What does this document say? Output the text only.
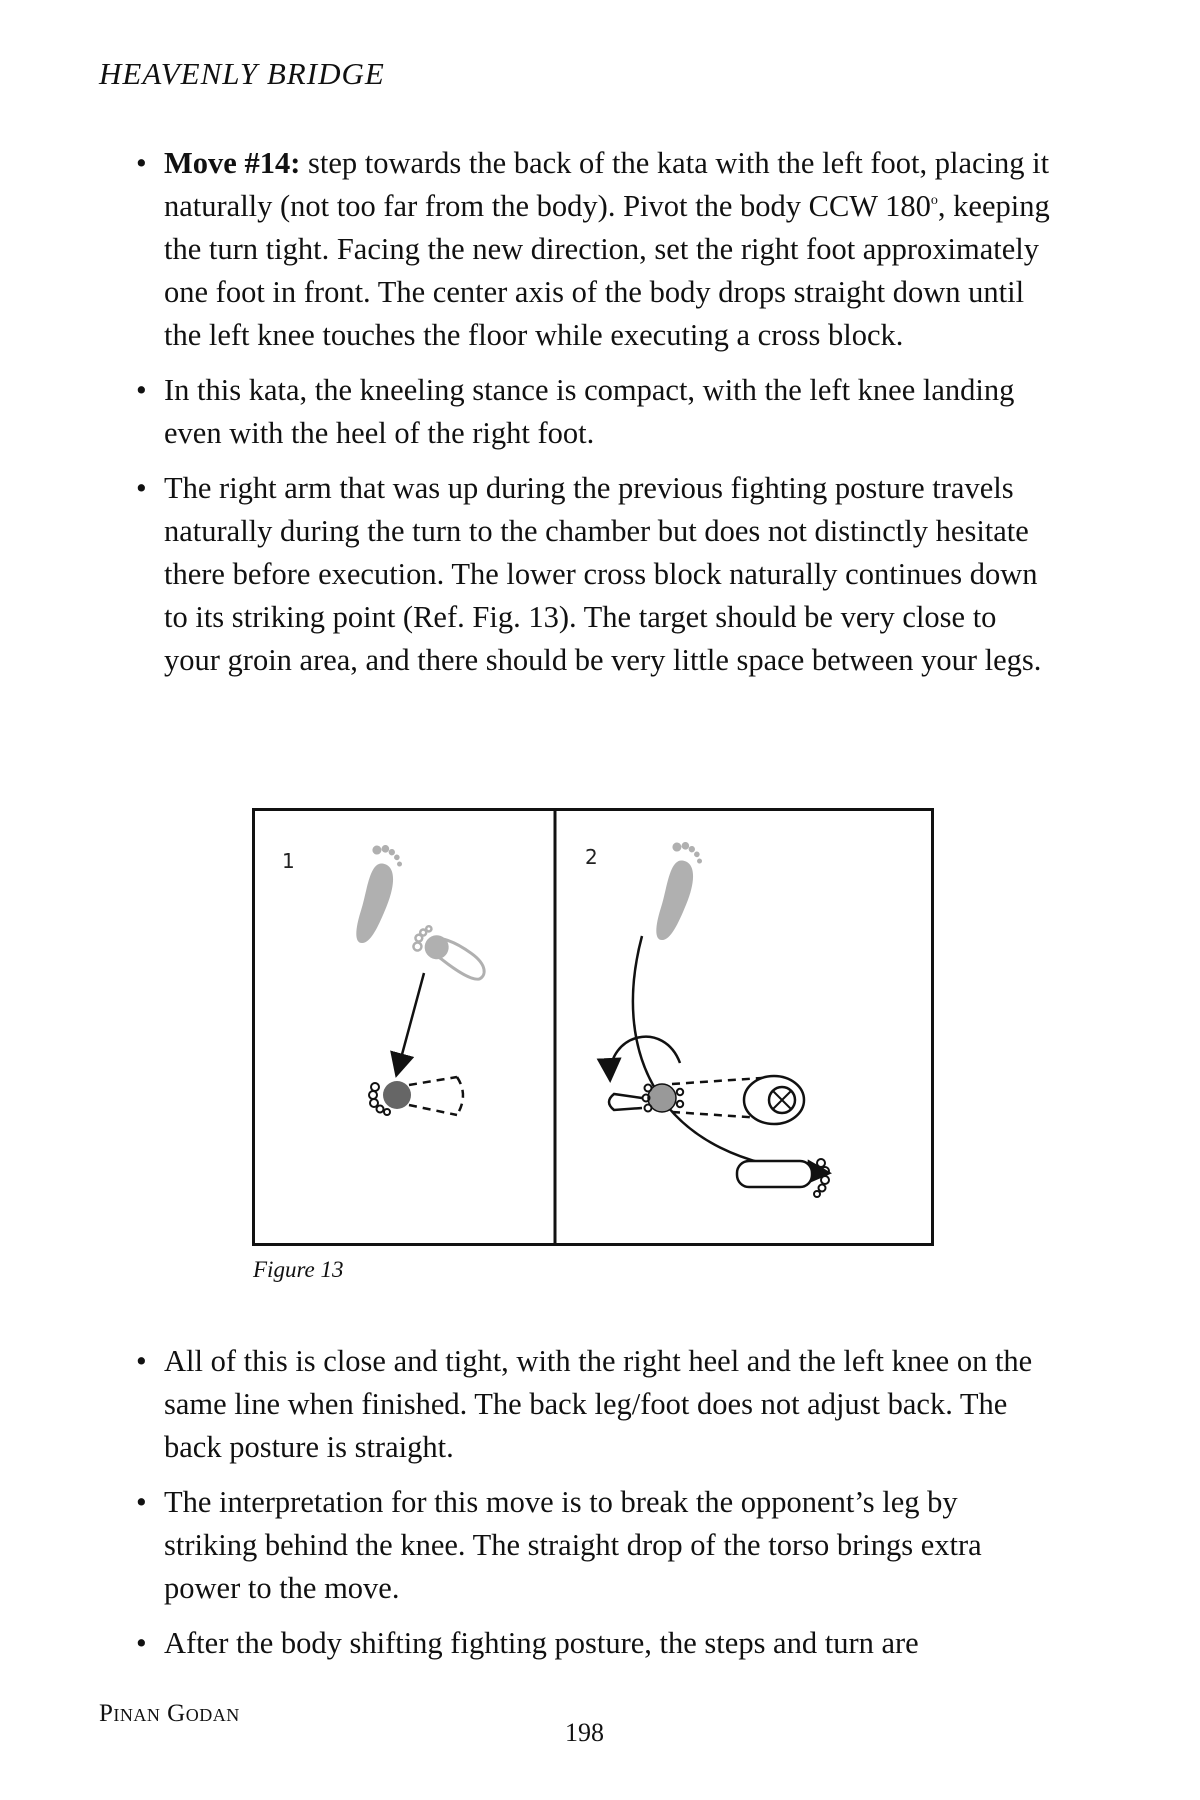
HEAVENLY BRIDGE
• Move #14: step towards the back of the kata with the left foot, placing it naturally (not too far from the body). Pivot the body CCW 180$^o$, keeping the turn tight. Facing the new direction, set the right foot approximately one foot in front. The center axis of the body drops straight down until the left knee touches the floor while executing a cross block.
• In this kata, the kneeling stance is compact, with the left knee landing even with the heel of the right foot.
• The right arm that was up during the previous fighting posture travels naturally during the turn to the chamber but does not distinctly hesitate there before execution. The lower cross block naturally continues down to its striking point (Ref. Fig. 13). The target should be very close to your groin area, and there should be very little space between your legs.
1	2
Figure 13
• All of this is close and tight, with the right heel and the left knee on the same line when finished. The back leg/foot does not adjust back. The back posture is straight.
• The interpretation for this move is to break the opponent’s leg by striking behind the knee. The straight drop of the torso brings extra power to the move.
• After the body shifting fighting posture, the steps and turn are
Pinan Godan
198
